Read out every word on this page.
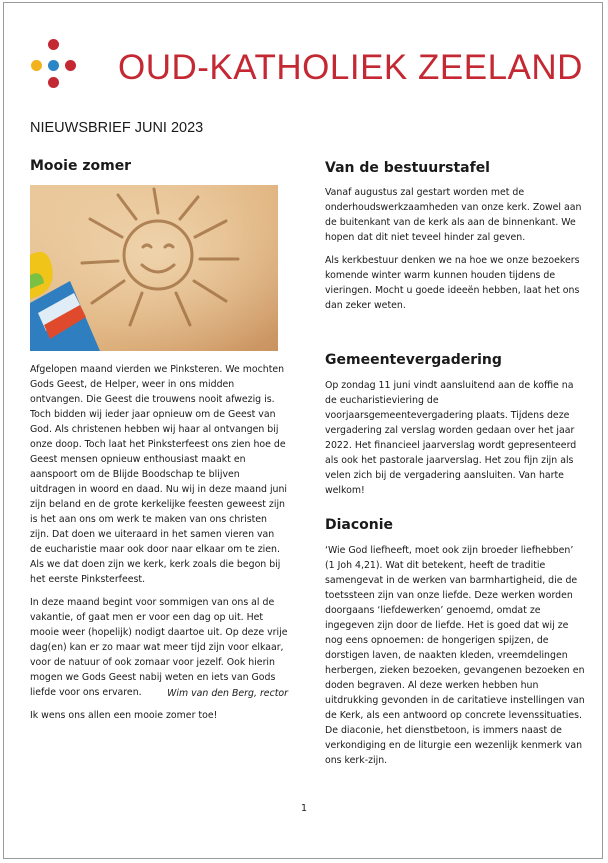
OUD-KATHOLIEK ZEELAND
NIEUWSBRIEF JUNI 2023
Mooie zomer

Afgelopen maand vierden we Pinksteren. We mochten Gods Geest, de Helper, weer in ons midden ontvangen. Die Geest die trouwens nooit afwezig is. Toch bidden wij ieder jaar opnieuw om de Geest van God. Als christenen hebben wij haar al ontvangen bij onze doop. Toch laat het Pinksterfeest ons zien hoe de Geest mensen opnieuw enthousiast maakt en aanspoort om de Blijde Boodschap te blijven uitdragen in woord en daad. Nu wij in deze maand juni zijn beland en de grote kerkelijke feesten geweest zijn is het aan ons om werk te maken van ons christen zijn. Dat doen we uiteraard in het samen vieren van de eucharistie maar ook door naar elkaar om te zien. Als we dat doen zijn we kerk, kerk zoals die begon bij het eerste Pinksterfeest.

In deze maand begint voor sommigen van ons al de vakantie, of gaat men er voor een dag op uit. Het mooie weer (hopelijk) nodigt daartoe uit. Op deze vrije dag(en) kan er zo maar wat meer tijd zijn voor elkaar, voor de natuur of ook zomaar voor jezelf. Ook hierin mogen we Gods Geest nabij weten en iets van Gods liefde voor ons ervaren.

Ik wens ons allen een mooie zomer toe!

Wim van den Berg, rector
Van de bestuurstafel

Vanaf augustus zal gestart worden met de onderhoudswerkzaamheden van onze kerk. Zowel aan de buitenkant van de kerk als aan de binnenkant. We hopen dat dit niet teveel hinder zal geven.

Als kerkbestuur denken we na hoe we onze bezoekers komende winter warm kunnen houden tijdens de vieringen. Mocht u goede ideeën hebben, laat het ons dan zeker weten.

Gemeentevergadering

Op zondag 11 juni vindt aansluitend aan de koffie na de eucharistieviering de voorjaarsgemeentevergadering plaats. Tijdens deze vergadering zal verslag worden gedaan over het jaar 2022. Het financieel jaarverslag wordt gepresenteerd als ook het pastorale jaarverslag. Het zou fijn zijn als velen zich bij de vergadering aansluiten. Van harte welkom!

Diaconie

‘Wie God liefheeft, moet ook zijn broeder liefhebben’ (1 Joh 4,21). Wat dit betekent, heeft de traditie samengevat in de werken van barmhartigheid, die de toetssteen zijn van onze liefde. Deze werken worden doorgaans ‘liefdewerken’ genoemd, omdat ze ingegeven zijn door de liefde. Het is goed dat wij ze nog eens opnoemen: de hongerigen spijzen, de dorstigen laven, de naakten kleden, vreemdelingen herbergen, zieken bezoeken, gevangenen bezoeken en doden begraven. Al deze werken hebben hun uitdrukking gevonden in de caritatieve instellingen van de Kerk, als een antwoord op concrete levenssituaties. De diaconie, het dienstbetoon, is immers naast de verkondiging en de liturgie een wezenlijk kenmerk van ons kerk-zijn.

1
